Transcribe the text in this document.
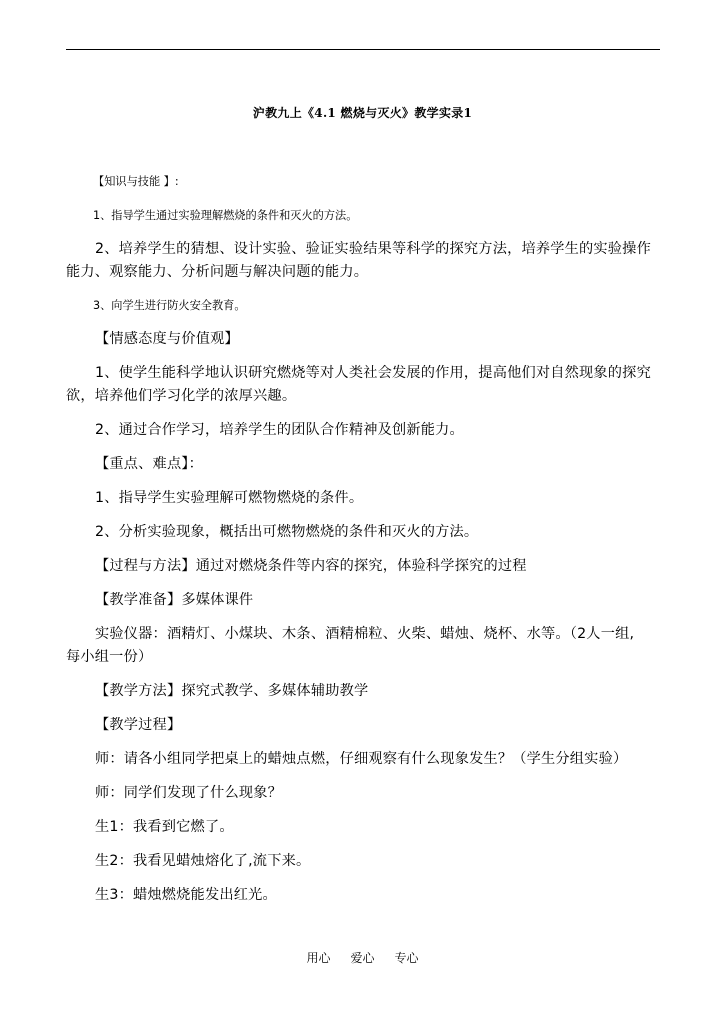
沪教九上《4.1 燃烧与灭火》教学实录1
【知识与技能 】:
1、指导学生通过实验理解燃烧的条件和灭火的方法。
2、培养学生的猜想、设计实验、验证实验结果等科学的探究方法，培养学生的实验操作
能力、观察能力、分析问题与解决问题的能力。
3、向学生进行防火安全教育。
【情感态度与价值观】
1、使学生能科学地认识研究燃烧等对人类社会发展的作用，提高他们对自然现象的探究
欲，培养他们学习化学的浓厚兴趣。
2、通过合作学习，培养学生的团队合作精神及创新能力。
【重点、难点】：
1、指导学生实验理解可燃物燃烧的条件。
2、分析实验现象，概括出可燃物燃烧的条件和灭火的方法。
【过程与方法】通过对燃烧条件等内容的探究，体验科学探究的过程
【教学准备】多媒体课件
实验仪器：酒精灯、小煤块、木条、酒精棉粒、火柴、蜡烛、烧杯、水等。（2人一组,
每小组一份）
【教学方法】探究式教学、多媒体辅助教学
【教学过程】
师：请各小组同学把桌上的蜡烛点燃，仔细观察有什么现象发生？（学生分组实验）
师：同学们发现了什么现象？
生1：我看到它燃了。
生2：我看见蜡烛熔化了,流下来。
生3：蜡烛燃烧能发出红光。
用心 爱心 专心
